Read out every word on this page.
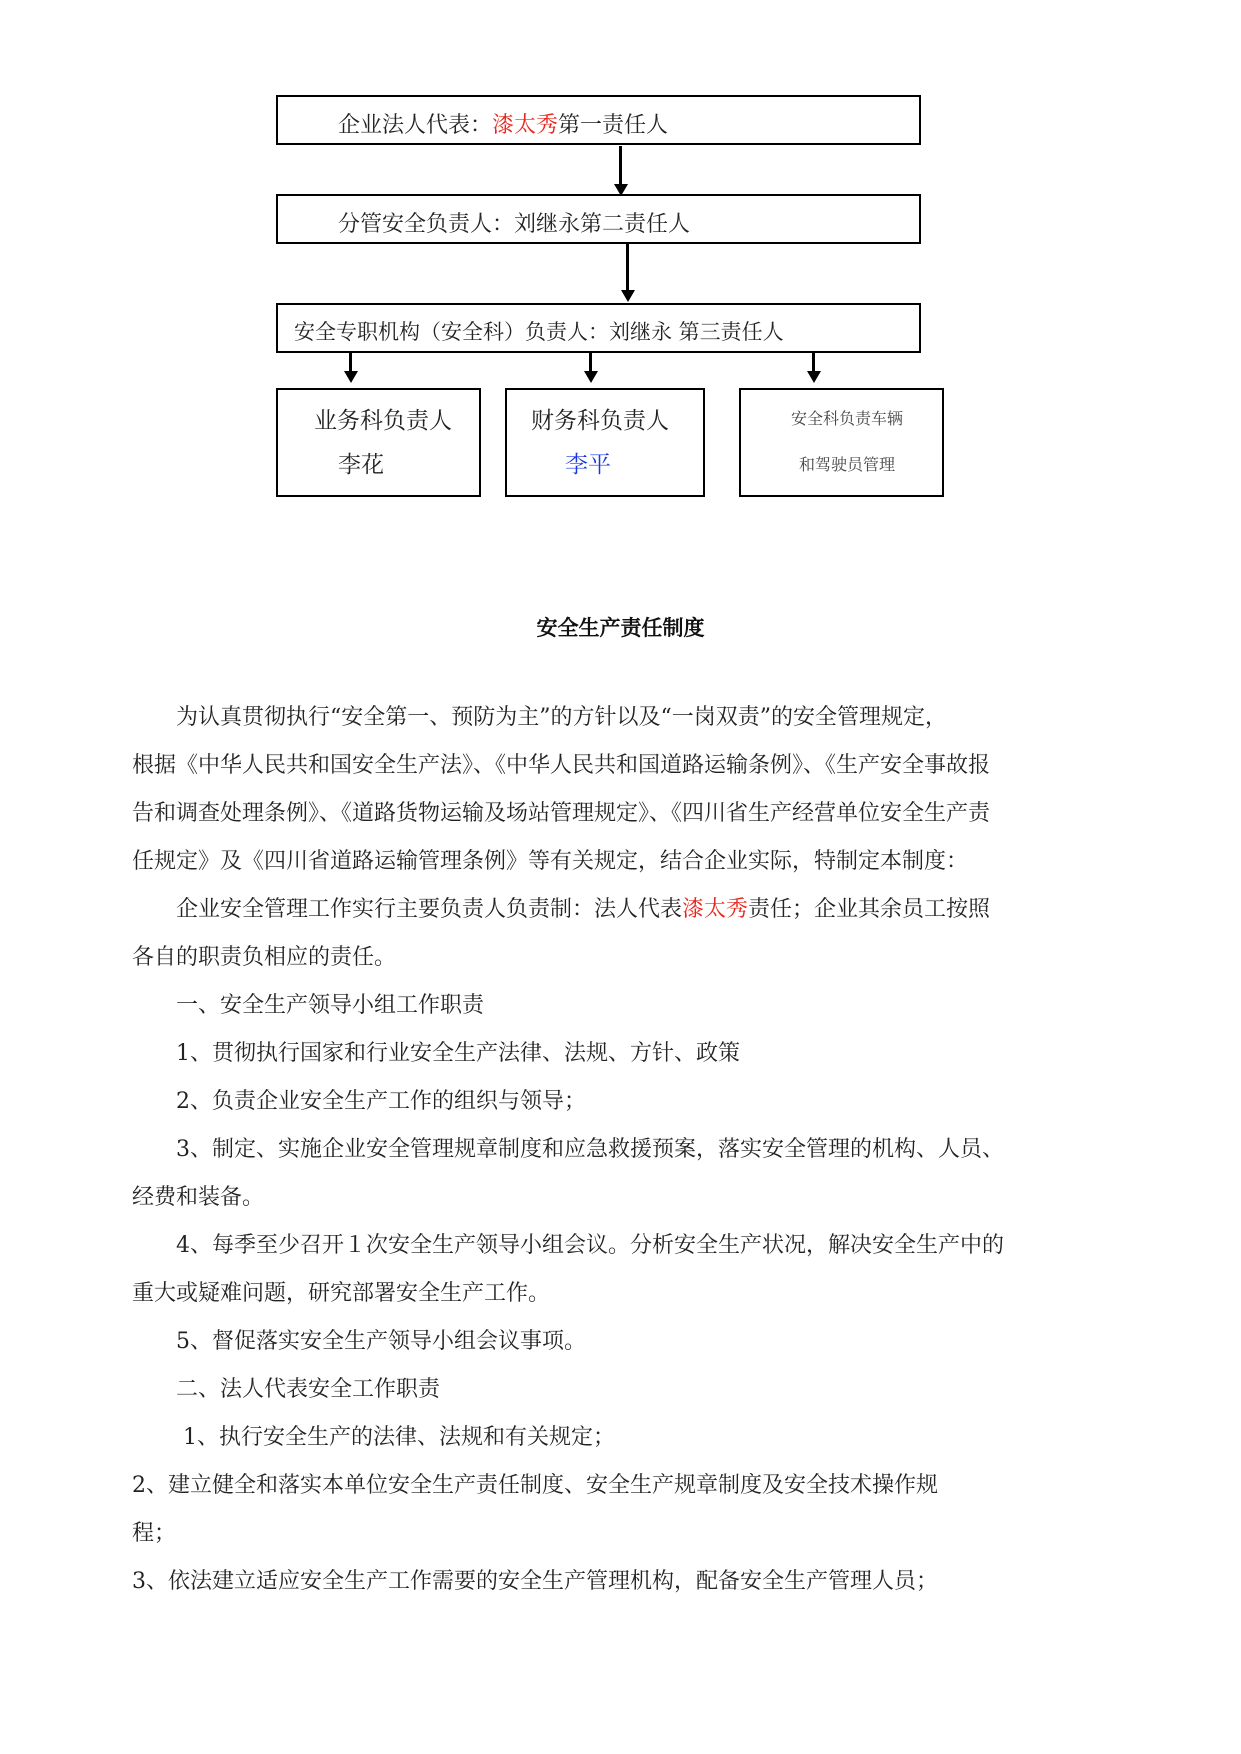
企业法人代表：漆太秀第一责任人
分管安全负责人：刘继永第二责任人
安全专职机构（安全科）负责人：刘继永 第三责任人
业务科负责人
李花
财务科负责人
李平
安全科负责车辆
和驾驶员管理
安全生产责任制度
　　为认真贯彻执行“安全第一、预防为主”的方针以及“一岗双责”的安全管理规定，
根据《中华人民共和国安全生产法》、《中华人民共和国道路运输条例》、《生产安全事故报
告和调查处理条例》、《道路货物运输及场站管理规定》、《四川省生产经营单位安全生产责
任规定》及《四川省道路运输管理条例》等有关规定，结合企业实际，特制定本制度：
　　企业安全管理工作实行主要负责人负责制：法人代表漆太秀责任；企业其余员工按照
各自的职责负相应的责任。
　　一、安全生产领导小组工作职责
　　1、贯彻执行国家和行业安全生产法律、法规、方针、政策
　　2、负责企业安全生产工作的组织与领导；
　　3、制定、实施企业安全管理规章制度和应急救援预案，落实安全管理的机构、人员、
经费和装备。
　　4、每季至少召开１次安全生产领导小组会议。分析安全生产状况，解决安全生产中的
重大或疑难问题，研究部署安全生产工作。
　　5、督促落实安全生产领导小组会议事项。
　　二、法人代表安全工作职责
　　 1、执行安全生产的法律、法规和有关规定；
2、建立健全和落实本单位安全生产责任制度、安全生产规章制度及安全技术操作规
程；
3、依法建立适应安全生产工作需要的安全生产管理机构，配备安全生产管理人员；
